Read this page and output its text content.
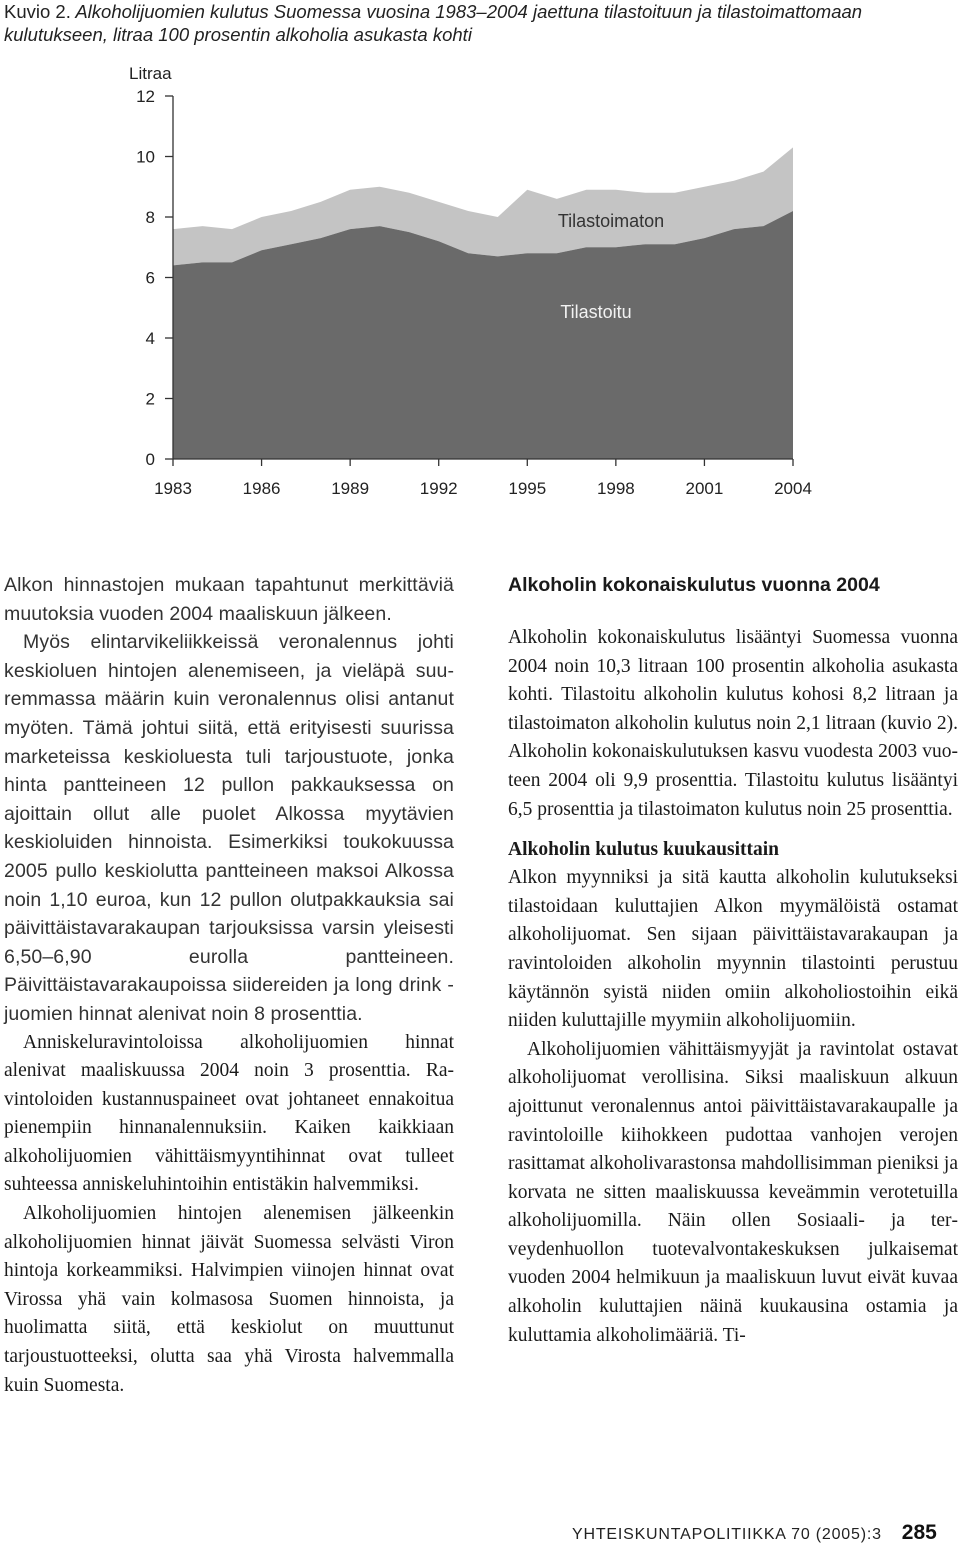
Kuvio 2. Alkoholijuomien kulutus Suomessa vuosina 1983–2004 jaettuna tilastoituun ja tilastoimattomaan kulutukseen, litraa 100 prosentin alkoholia asukasta kohti
0
2
4
6
8
10
12
Litraa
1983	1986	1989	1992	1995	1998	2001	2004
Tilastoimaton
Tilastoitu

Alkon hinnastojen mukaan tapahtunut merkittäviä muutoksia vuoden 2004 maaliskuun jälkeen.

Myös elintarvikeliikkeissä veronalennus johti keskioluen hintojen alenemiseen, ja vieläpä suuremmassa määrin kuin veronalennus olisi antanut myöten. Tämä johtui siitä, että erityisesti suurissa marketeissa keskioluesta tuli tarjoustuote, jonka hinta pantteineen 12 pullon pakkauksessa on ajoittain ollut alle puolet Alkossa myytävien keskioluiden hinnoista. Esimerkiksi toukokuussa 2005 pullo keskiolutta pantteineen maksoi Alkossa noin 1,10 euroa, kun 12 pullon olutpakkauksia sai päivittäistavarakaupan tarjouksissa varsin yleisesti 6,50–6,90 eurolla pantteineen. Päivittäistavarakaupoissa siidereiden ja long drink -juomien hinnat alenivat noin 8 prosenttia.

Anniskeluravintoloissa alkoholijuomien hinnat alenivat maaliskuussa 2004 noin 3 prosenttia. Ravintoloiden kustannuspaineet ovat johtaneet ennakoitua pienempiin hinnanalennuksiin. Kaiken kaikkiaan alkoholijuomien vähittäismyyntihinnat ovat tulleet suhteessa anniskeluhintoihin entistäkin halvemmiksi.

Alkoholijuomien hintojen alenemisen jälkeenkin alkoholijuomien hinnat jäivät Suomessa selvästi Viron hintoja korkeammiksi. Halvimpien viinojen hinnat ovat Virossa yhä vain kolmasosa Suomen hinnoista, ja huolimatta siitä, että keskiolut on muuttunut tarjoustuotteeksi, olutta saa yhä Virosta halvemmalla kuin Suomesta.

Alkoholin kokonaiskulutus vuonna 2004

Alkoholin kokonaiskulutus lisääntyi Suomessa vuonna 2004 noin 10,3 litraan 100 prosentin alkoholia asukasta kohti. Tilastoitu alkoholin kulutus kohosi 8,2 litraan ja tilastoimaton alkoholin kulutus noin 2,1 litraan (kuvio 2). Alkoholin kokonaiskulutuksen kasvu vuodesta 2003 vuoteen 2004 oli 9,9 prosenttia. Tilastoitu kulutus lisääntyi 6,5 prosenttia ja tilastoimaton kulutus noin 25 prosenttia.

Alkoholin kulutus kuukausittain

Alkon myynniksi ja sitä kautta alkoholin kulutukseksi tilastoidaan kuluttajien Alkon myymälöistä ostamat alkoholijuomat. Sen sijaan päivittäistavarakaupan ja ravintoloiden alkoholin myynnin tilastointi perustuu käytännön syistä niiden omiin alkoholiostoihin eikä niiden kuluttajille myymiin alkoholijuomiin.

Alkoholijuomien vähittäismyyjät ja ravintolat ostavat alkoholijuomat verollisina. Siksi maaliskuun alkuun ajoittunut veronalennus antoi päivittäistavarakaupalle ja ravintoloille kiihokkeen pudottaa vanhojen verojen rasittamat alkoholivarastonsa mahdollisimman pieniksi ja korvata ne sitten maaliskuussa keveämmin verotetuilla alkoholijuomilla. Näin ollen Sosiaali- ja terveydenhuollon tuotevalvontakeskuksen julkaisemat vuoden 2004 helmikuun ja maaliskuun luvut eivät kuvaa alkoholin kuluttajien näinä kuukausina ostamia ja kuluttamia alkoholimääriä. Ti-

YHTEISKUNTAPOLITIIKKA 70 (2005):3 285
